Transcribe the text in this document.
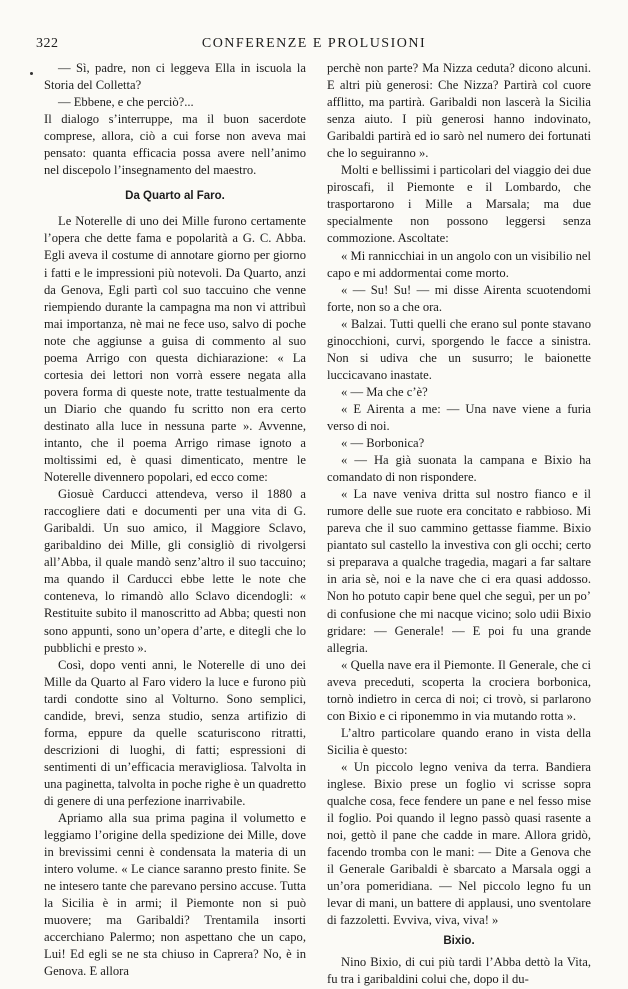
322	CONFERENZE E PROLUSIONI

— Sì, padre, non ci leggeva Ella in iscuola la Storia del Colletta?

— Ebbene, e che perciò?...

Il dialogo s’interruppe, ma il buon sacerdote comprese, allora, ciò a cui forse non aveva mai pensato: quanta efficacia possa avere nell’animo nel discepolo l’insegnamento del maestro.

Da Quarto al Faro.

Le Noterelle di uno dei Mille furono certamente l’opera che dette fama e popolarità a G. C. Abba. Egli aveva il costume di annotare giorno per giorno i fatti e le impressioni più notevoli. Da Quarto, anzi da Genova, Egli partì col suo taccuino che venne riempiendo durante la campagna ma non vi attribuì mai importanza, nè mai ne fece uso, salvo di poche note che aggiunse a guisa di commento al suo poema Arrigo con questa dichiarazione: « La cortesia dei lettori non vorrà essere negata alla povera forma di queste note, tratte testualmente da un Diario che quando fu scritto non era certo destinato alla luce in nessuna parte ». Avvenne, intanto, che il poema Arrigo rimase ignoto a moltissimi ed, è quasi dimenticato, mentre le Noterelle divennero popolari, ed ecco come:

Giosuè Carducci attendeva, verso il 1880 a raccogliere dati e documenti per una vita di G. Garibaldi. Un suo amico, il Maggiore Sclavo, garibaldino dei Mille, gli consigliò di rivolgersi all’Abba, il quale mandò senz’altro il suo taccuino; ma quando il Carducci ebbe lette le note che conteneva, lo rimandò allo Sclavo dicendogli: « Restituite subito il manoscritto ad Abba; questi non sono appunti, sono un’opera d’arte, e ditegli che lo pubblichi e presto ».

Così, dopo venti anni, le Noterelle di uno dei Mille da Quarto al Faro videro la luce e furono più tardi condotte sino al Volturno. Sono semplici, candide, brevi, senza studio, senza artifizio di forma, eppure da quelle scaturiscono ritratti, descrizioni di luoghi, di fatti; espressioni di sentimenti di un’efficacia meravigliosa. Talvolta in una paginetta, talvolta in poche righe è un quadretto di genere di una perfezione inarrivabile.

Apriamo alla sua prima pagina il volumetto e leggiamo l’origine della spedizione dei Mille, dove in brevissimi cenni è condensata la materia di un intero volume. « Le ciance saranno presto finite. Se ne intesero tante che parevano persino accuse. Tutta la Sicilia è in armi; il Piemonte non si può muovere; ma Garibaldi? Trentamila insorti accerchiano Palermo; non aspettano che un capo, Lui! Ed egli se ne sta chiuso in Caprera? No, è in Genova. E allora

perchè non parte? Ma Nizza ceduta? dicono alcuni. E altri più generosi: Che Nizza? Partirà col cuore afflitto, ma partirà. Garibaldi non lascerà la Sicilia senza aiuto. I più generosi hanno indovinato, Garibaldi partirà ed io sarò nel numero dei fortunati che lo seguiranno ».

Molti e bellissimi i particolari del viaggio dei due piroscafi, il Piemonte e il Lombardo, che trasportarono i Mille a Marsala; ma due specialmente non possono leggersi senza commozione. Ascoltate:

« Mi rannicchiai in un angolo con un visibilio nel capo e mi addormentai come morto.

« — Su! Su! — mi disse Airenta scuotendomi forte, non so a che ora.

« Balzai. Tutti quelli che erano sul ponte stavano ginocchioni, curvi, sporgendo le facce a sinistra. Non si udiva che un susurro; le baionette luccicavano inastate.

« — Ma che c’è?

« E Airenta a me: — Una nave viene a furia verso di noi.

« — Borbonica?

« — Ha già suonata la campana e Bixio ha comandato di non rispondere.

« La nave veniva dritta sul nostro fianco e il rumore delle sue ruote era concitato e rabbioso. Mi pareva che il suo cammino gettasse fiamme. Bixio piantato sul castello la investiva con gli occhi; certo si preparava a qualche tragedia, magari a far saltare in aria sè, noi e la nave che ci era quasi addosso. Non ho potuto capir bene quel che seguì, per un po’ di confusione che mi nacque vicino; solo udii Bixio gridare: — Generale! — E poi fu una grande allegria.

« Quella nave era il Piemonte. Il Generale, che ci aveva preceduti, scoperta la crociera borbonica, tornò indietro in cerca di noi; ci trovò, si parlarono con Bixio e ci riponemmo in via mutando rotta ».

L’altro particolare quando erano in vista della Sicilia è questo:

« Un piccolo legno veniva da terra. Bandiera inglese. Bixio prese un foglio vi scrisse sopra qualche cosa, fece fendere un pane e nel fesso mise il foglio. Poi quando il legno passò quasi rasente a noi, gettò il pane che cadde in mare. Allora gridò, facendo tromba con le mani: — Dite a Genova che il Generale Garibaldi è sbarcato a Marsala oggi a un’ora pomeridiana. — Nel piccolo legno fu un levar di mani, un battere di applausi, uno sventolare di fazzoletti. Evviva, viva, viva! »

Bixio.

Nino Bixio, di cui più tardi l’Abba dettò la Vita, fu tra i garibaldini colui che, dopo il du-
